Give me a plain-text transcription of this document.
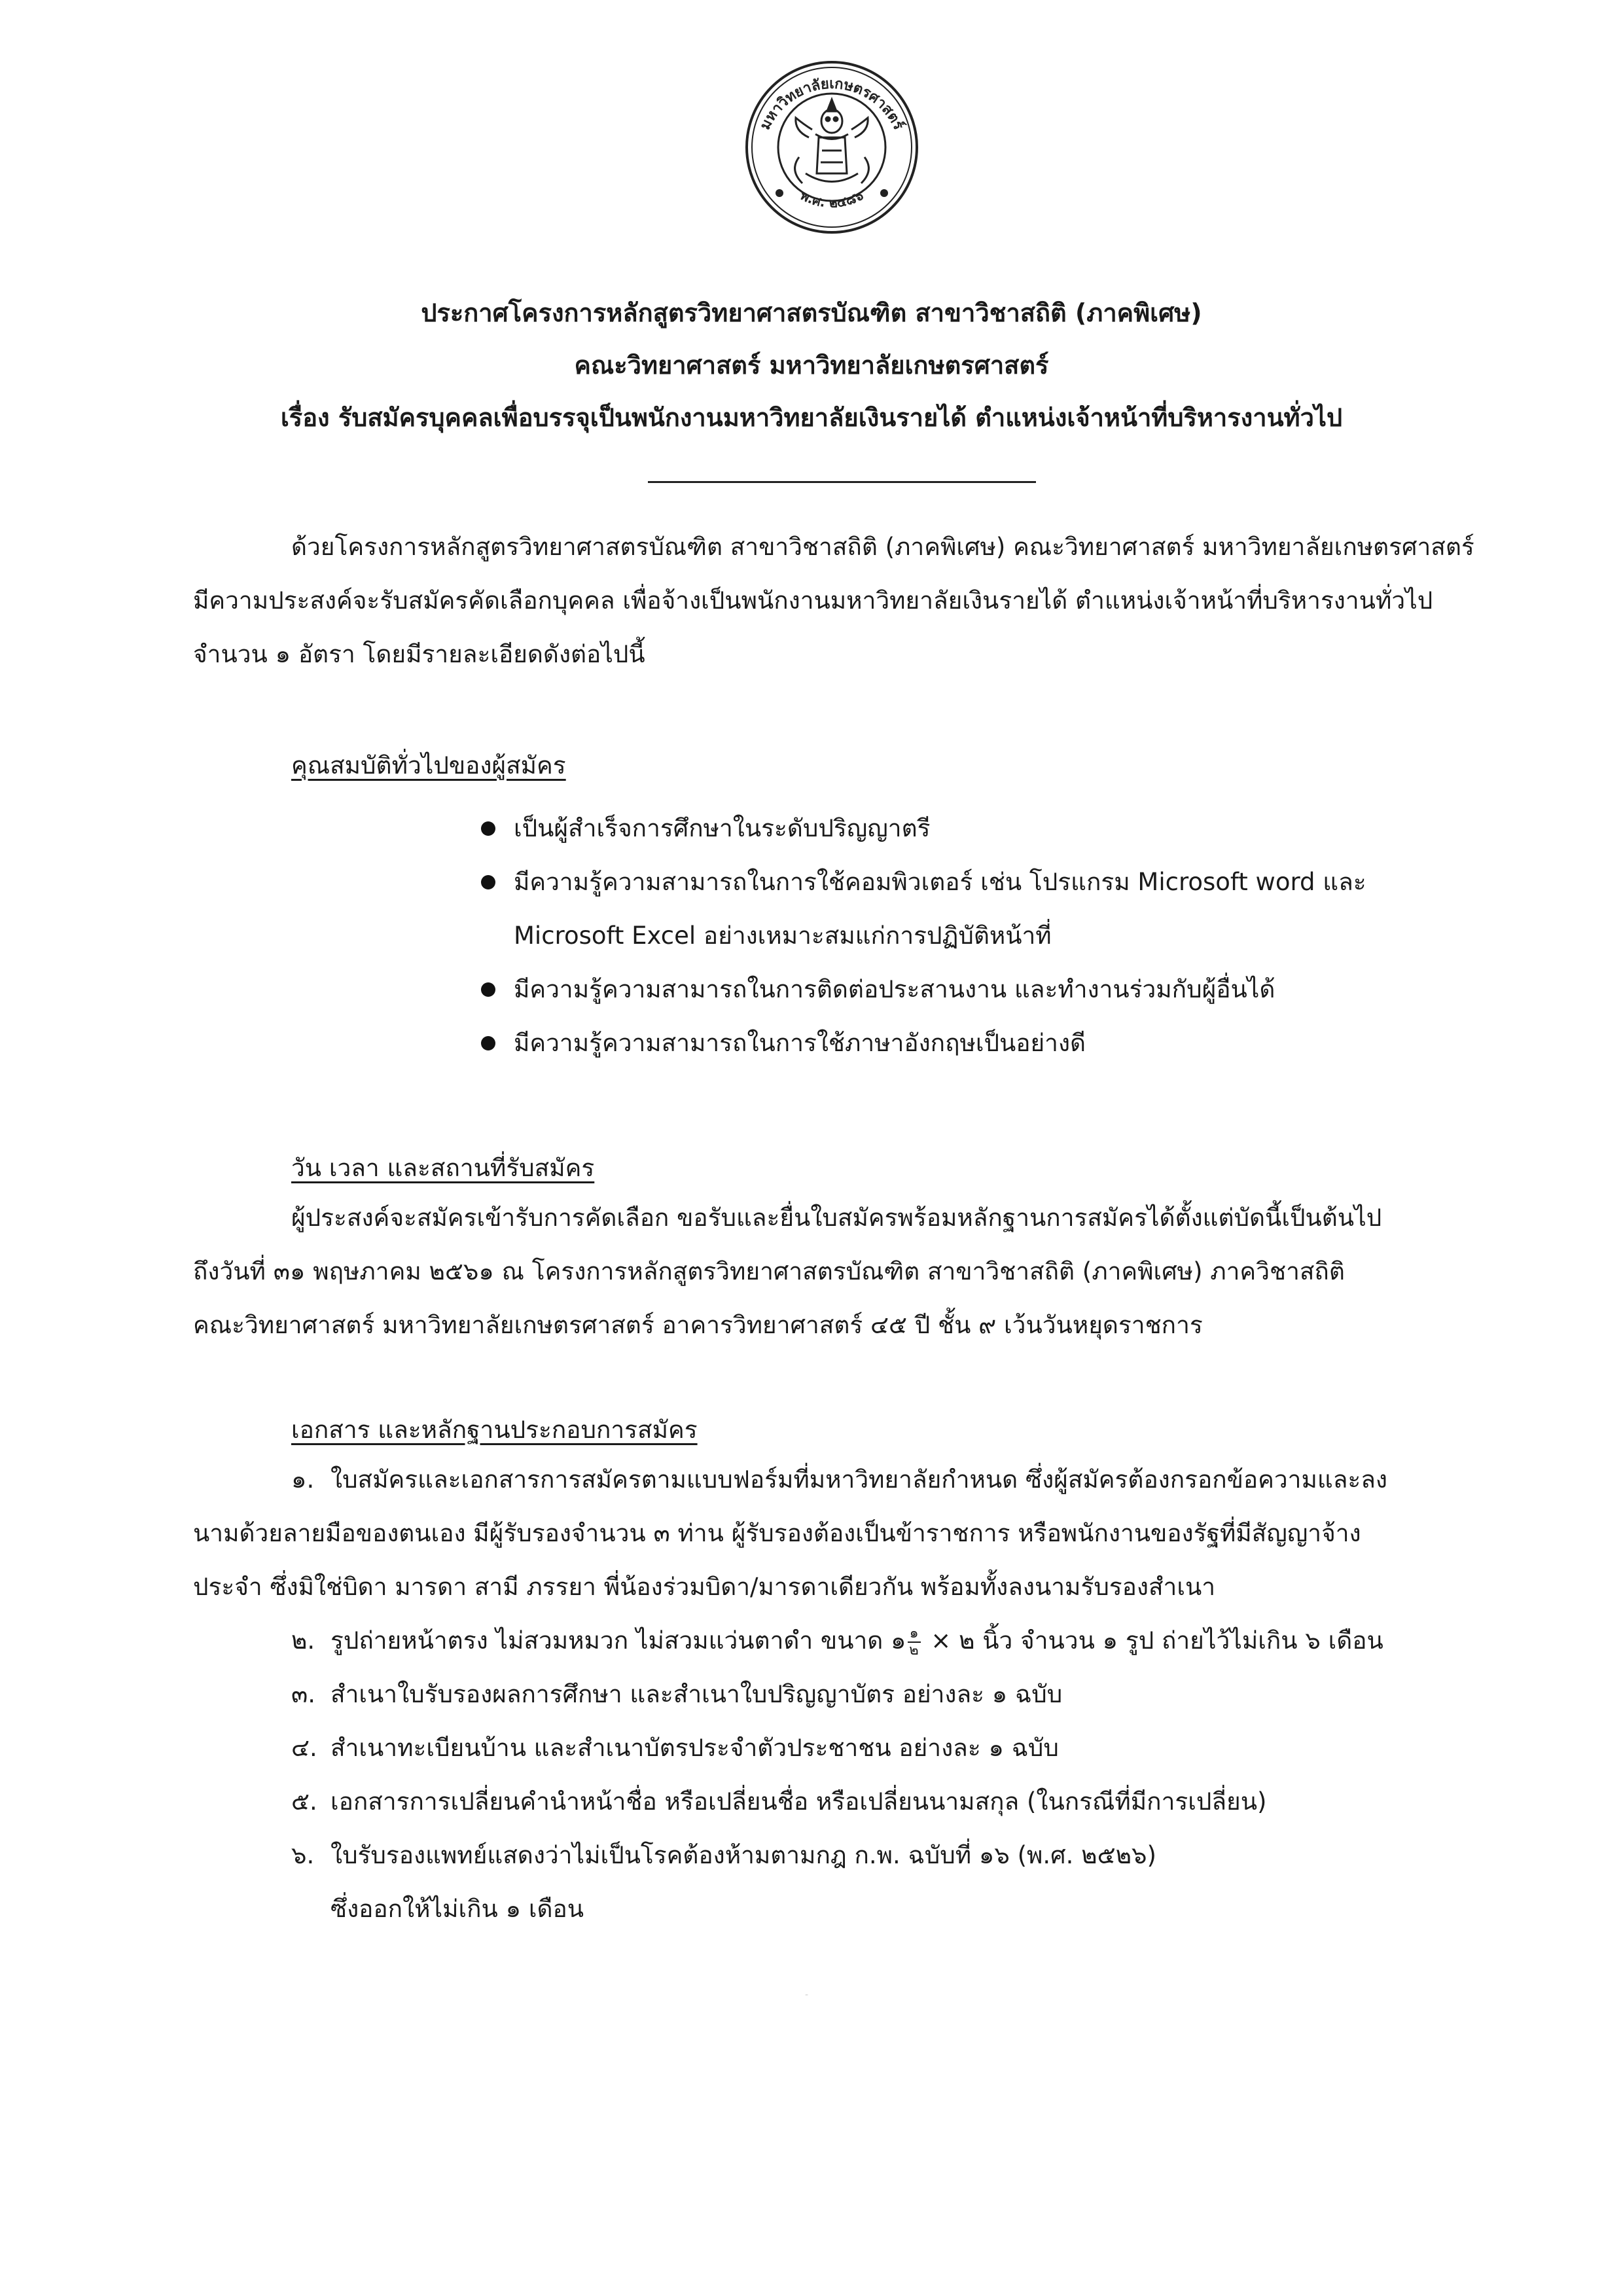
มหาวิทยาลัยเกษตรศาสตร์
พ.ศ. ๒๔๘๖
ประกาศโครงการหลักสูตรวิทยาศาสตรบัณฑิต สาขาวิชาสถิติ (ภาคพิเศษ)
คณะวิทยาศาสตร์ มหาวิทยาลัยเกษตรศาสตร์
เรื่อง รับสมัครบุคคลเพื่อบรรจุเป็นพนักงานมหาวิทยาลัยเงินรายได้ ตำแหน่งเจ้าหน้าที่บริหารงานทั่วไป
ด้วยโครงการหลักสูตรวิทยาศาสตรบัณฑิต สาขาวิชาสถิติ (ภาคพิเศษ) คณะวิทยาศาสตร์ มหาวิทยาลัยเกษตรศาสตร์
มีความประสงค์จะรับสมัครคัดเลือกบุคคล เพื่อจ้างเป็นพนักงานมหาวิทยาลัยเงินรายได้ ตำแหน่งเจ้าหน้าที่บริหารงานทั่วไป
จำนวน ๑ อัตรา โดยมีรายละเอียดดังต่อไปนี้
คุณสมบัติทั่วไปของผู้สมัคร
เป็นผู้สำเร็จการศึกษาในระดับปริญญาตรี
มีความรู้ความสามารถในการใช้คอมพิวเตอร์ เช่น โปรแกรม Microsoft word และ
Microsoft Excel อย่างเหมาะสมแก่การปฏิบัติหน้าที่
มีความรู้ความสามารถในการติดต่อประสานงาน และทำงานร่วมกับผู้อื่นได้
มีความรู้ความสามารถในการใช้ภาษาอังกฤษเป็นอย่างดี
วัน เวลา และสถานที่รับสมัคร
ผู้ประสงค์จะสมัครเข้ารับการคัดเลือก ขอรับและยื่นใบสมัครพร้อมหลักฐานการสมัครได้ตั้งแต่บัดนี้เป็นต้นไป
ถึงวันที่ ๓๑ พฤษภาคม ๒๕๖๑ ณ โครงการหลักสูตรวิทยาศาสตรบัณฑิต สาขาวิชาสถิติ (ภาคพิเศษ) ภาควิชาสถิติ
คณะวิทยาศาสตร์ มหาวิทยาลัยเกษตรศาสตร์ อาคารวิทยาศาสตร์ ๔๕ ปี ชั้น ๙ เว้นวันหยุดราชการ
เอกสาร และหลักฐานประกอบการสมัคร
๑. ใบสมัครและเอกสารการสมัครตามแบบฟอร์มที่มหาวิทยาลัยกำหนด ซึ่งผู้สมัครต้องกรอกข้อความและลง
นามด้วยลายมือของตนเอง มีผู้รับรองจำนวน ๓ ท่าน ผู้รับรองต้องเป็นข้าราชการ หรือพนักงานของรัฐที่มีสัญญาจ้าง
ประจำ ซึ่งมิใช่บิดา มารดา สามี ภรรยา พี่น้องร่วมบิดา/มารดาเดียวกัน พร้อมทั้งลงนามรับรองสำเนา
๒. รูปถ่ายหน้าตรง ไม่สวมหมวก ไม่สวมแว่นตาดำ ขนาด ๑ $\frac{๑}{๒}$ × ๒ นิ้ว จำนวน ๑ รูป ถ่ายไว้ไม่เกิน ๖ เดือน
๓. สำเนาใบรับรองผลการศึกษา และสำเนาใบปริญญาบัตร อย่างละ ๑ ฉบับ
๔. สำเนาทะเบียนบ้าน และสำเนาบัตรประจำตัวประชาชน อย่างละ ๑ ฉบับ
๕. เอกสารการเปลี่ยนคำนำหน้าชื่อ หรือเปลี่ยนชื่อ หรือเปลี่ยนนามสกุล (ในกรณีที่มีการเปลี่ยน)
๖. ใบรับรองแพทย์แสดงว่าไม่เป็นโรคต้องห้ามตามกฎ ก.พ. ฉบับที่ ๑๖ (พ.ศ. ๒๕๒๖)
ซึ่งออกให้ไม่เกิน ๑ เดือน
-
